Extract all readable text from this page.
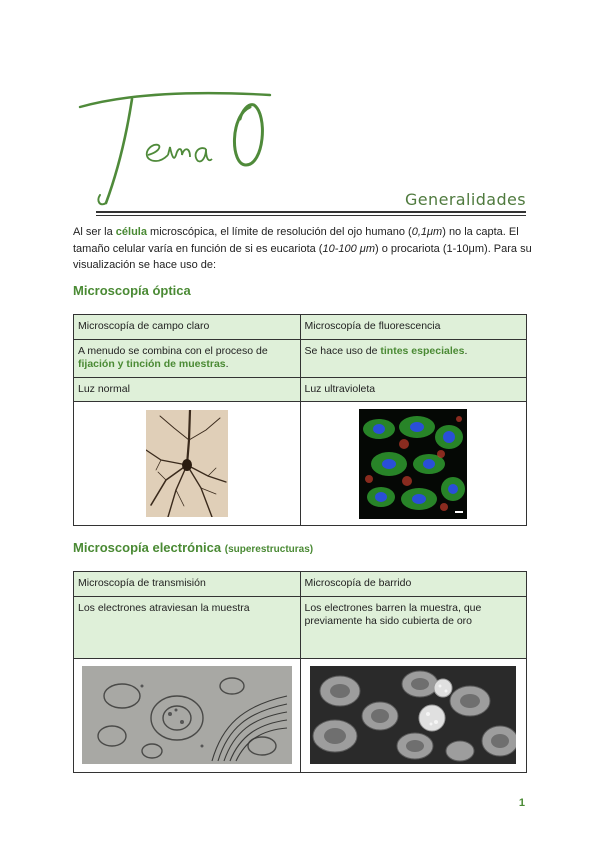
Generalidades
Al ser la célula microscópica, el límite de resolución del ojo humano (0,1μm) no la capta. El tamaño celular varía en función de si es eucariota (10-100 μm) o procariota (1-10μm). Para su visualización se hace uso de:
Microscopía óptica
Microscopía de campo claro	Microscopía de fluorescencia
A menudo se combina con el proceso de fijación y tinción de muestras.	Se hace uso de tintes especiales.
Luz normal	Luz ultravioleta

Microscopía electrónica (superestructuras)
Microscopía de transmisión	Microscopía de barrido
Los electrones atraviesan la muestra	Los electrones barren la muestra, que previamente ha sido cubierta de oro

1
